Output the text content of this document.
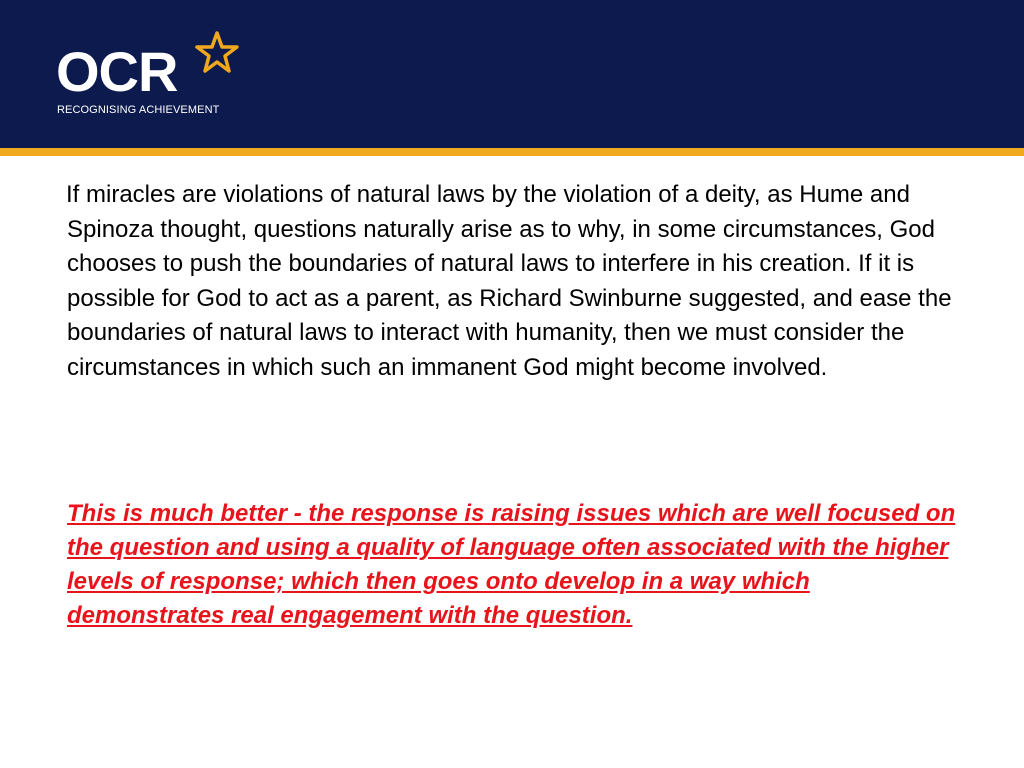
OCR
RECOGNISING ACHIEVEMENT

If miracles are violations of natural laws by the violation of a deity, as Hume and Spinoza thought, questions naturally arise as to why, in some circumstances, God chooses to push the boundaries of natural laws to interfere in his creation. If it is possible for God to act as a parent, as Richard Swinburne suggested, and ease the boundaries of natural laws to interact with humanity, then we must consider the circumstances in which such an immanent God might become involved.

This is much better - the response is raising issues which are well focused on the question and using a quality of language often associated with the higher levels of response; which then goes onto develop in a way which demonstrates real engagement with the question.
